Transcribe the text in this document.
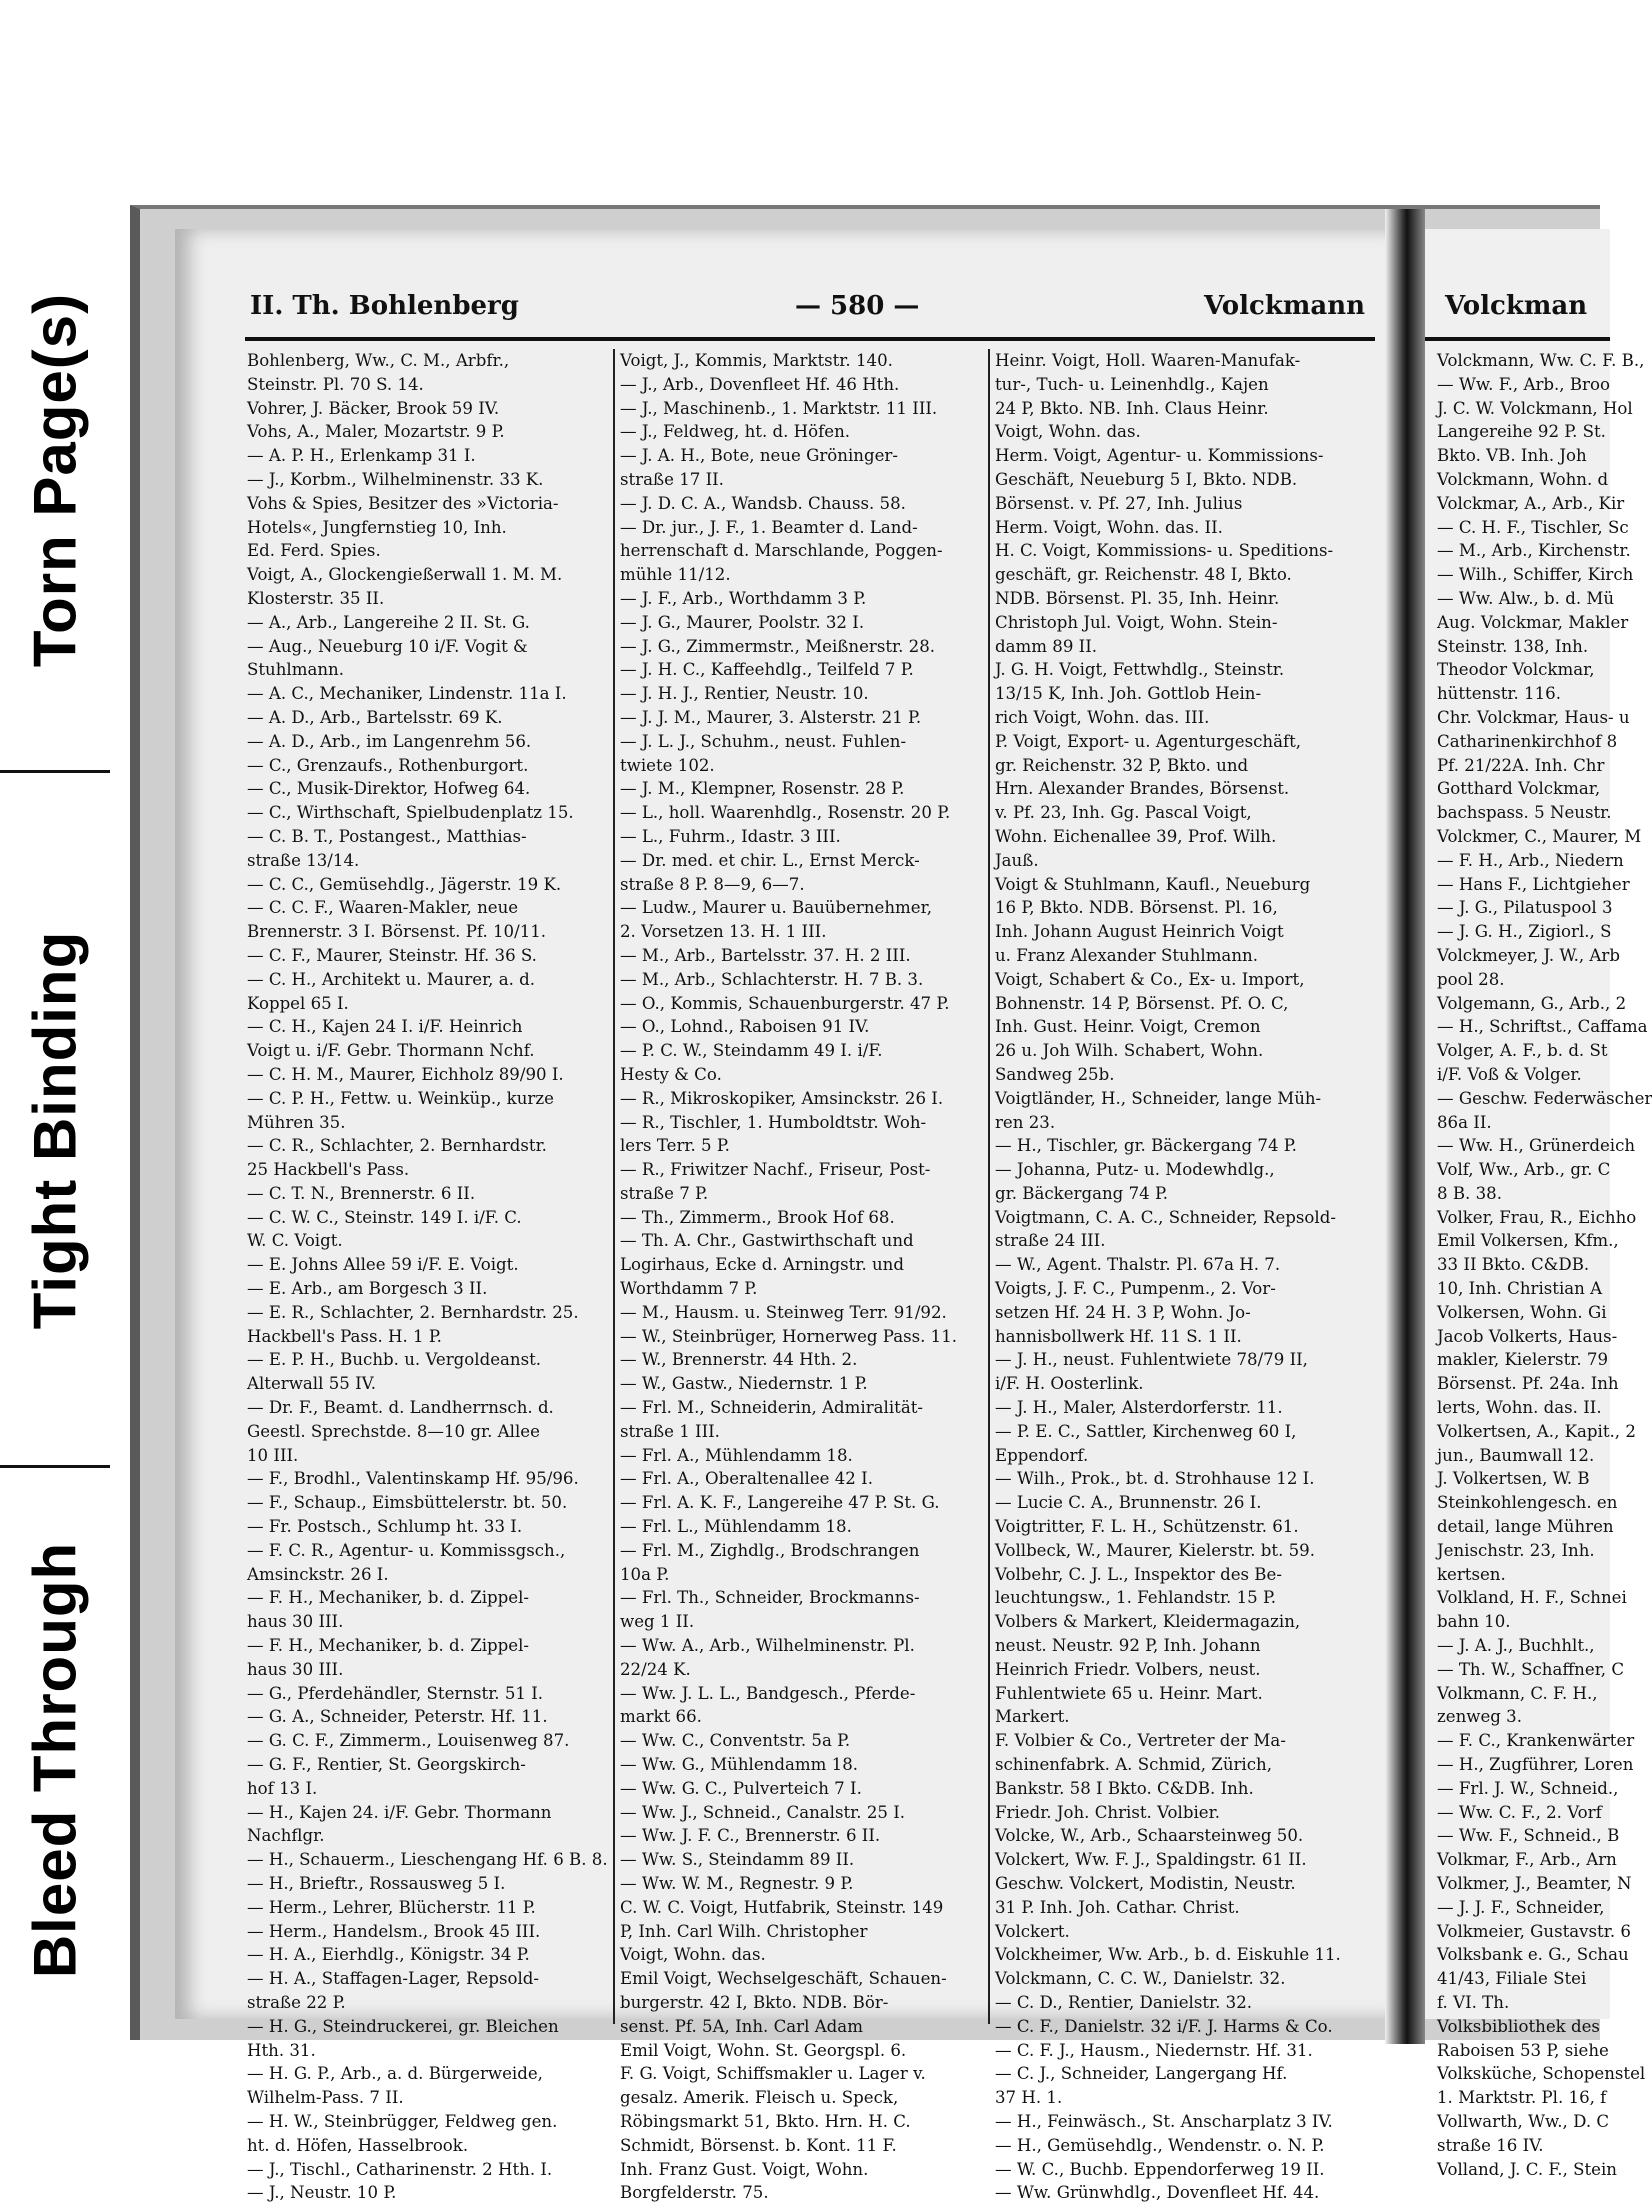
Torn Page(s)
Tight Binding
Bleed Through
II. Th. Bohlenberg	— 580 —	Volckmann
Bohlenberg, Ww., C. M., Arbfr.,
Steinstr. Pl. 70 S. 14.
Vohrer, J. Bäcker, Brook 59 IV.
Vohs, A., Maler, Mozartstr. 9 P.
— A. P. H., Erlenkamp 31 I.
— J., Korbm., Wilhelminenstr. 33 K.
Vohs & Spies, Besitzer des »Victoria-
Hotels«, Jungfernstieg 10, Inh.
Ed. Ferd. Spies.
Voigt, A., Glockengießerwall 1. M. M.
Klosterstr. 35 II.
— A., Arb., Langereihe 2 II. St. G.
— Aug., Neueburg 10 i/F. Vogit &
Stuhlmann.
— A. C., Mechaniker, Lindenstr. 11a I.
— A. D., Arb., Bartelsstr. 69 K.
— A. D., Arb., im Langenrehm 56.
— C., Grenzaufs., Rothenburgort.
— C., Musik-Direktor, Hofweg 64.
— C., Wirthschaft, Spielbudenplatz 15.
— C. B. T., Postangest., Matthias-
straße 13/14.
— C. C., Gemüsehdlg., Jägerstr. 19 K.
— C. C. F., Waaren-Makler, neue
Brennerstr. 3 I. Börsenst. Pf. 10/11.
— C. F., Maurer, Steinstr. Hf. 36 S.
— C. H., Architekt u. Maurer, a. d.
Koppel 65 I.
— C. H., Kajen 24 I. i/F. Heinrich
Voigt u. i/F. Gebr. Thormann Nchf.
— C. H. M., Maurer, Eichholz 89/90 I.
— C. P. H., Fettw. u. Weinküp., kurze
Mühren 35.
— C. R., Schlachter, 2. Bernhardstr.
25 Hackbell's Pass.
— C. T. N., Brennerstr. 6 II.
— C. W. C., Steinstr. 149 I. i/F. C.
W. C. Voigt.
— E. Johns Allee 59 i/F. E. Voigt.
— E. Arb., am Borgesch 3 II.
— E. R., Schlachter, 2. Bernhardstr. 25.
Hackbell's Pass. H. 1 P.
— E. P. H., Buchb. u. Vergoldeanst.
Alterwall 55 IV.
— Dr. F., Beamt. d. Landherrnsch. d.
Geestl. Sprechstde. 8—10 gr. Allee
10 III.
— F., Brodhl., Valentinskamp Hf. 95/96.
— F., Schaup., Eimsbüttelerstr. bt. 50.
— Fr. Postsch., Schlump ht. 33 I.
— F. C. R., Agentur- u. Kommissgsch.,
Amsinckstr. 26 I.
— F. H., Mechaniker, b. d. Zippel-
haus 30 III.
— F. H., Mechaniker, b. d. Zippel-
haus 30 III.
— G., Pferdehändler, Sternstr. 51 I.
— G. A., Schneider, Peterstr. Hf. 11.
— G. C. F., Zimmerm., Louisenweg 87.
— G. F., Rentier, St. Georgskirch-
hof 13 I.
— H., Kajen 24. i/F. Gebr. Thormann
Nachflgr.
— H., Schauerm., Lieschengang Hf. 6 B. 8.
— H., Brieftr., Rossausweg 5 I.
— Herm., Lehrer, Blücherstr. 11 P.
— Herm., Handelsm., Brook 45 III.
— H. A., Eierhdlg., Königstr. 34 P.
— H. A., Staffagen-Lager, Repsold-
straße 22 P.
— H. G., Steindruckerei, gr. Bleichen
Hth. 31.
— H. G. P., Arb., a. d. Bürgerweide,
Wilhelm-Pass. 7 II.
— H. W., Steinbrügger, Feldweg gen.
ht. d. Höfen, Hasselbrook.
— J., Tischl., Catharinenstr. 2 Hth. I.
— J., Neustr. 10 P.
Voigt, J., Kommis, Marktstr. 140.
— J., Arb., Dovenfleet Hf. 46 Hth.
— J., Maschinenb., 1. Marktstr. 11 III.
— J., Feldweg, ht. d. Höfen.
— J. A. H., Bote, neue Gröninger-
straße 17 II.
— J. D. C. A., Wandsb. Chauss. 58.
— Dr. jur., J. F., 1. Beamter d. Land-
herrenschaft d. Marschlande, Poggen-
mühle 11/12.
— J. F., Arb., Worthdamm 3 P.
— J. G., Maurer, Poolstr. 32 I.
— J. G., Zimmermstr., Meißnerstr. 28.
— J. H. C., Kaffeehdlg., Teilfeld 7 P.
— J. H. J., Rentier, Neustr. 10.
— J. J. M., Maurer, 3. Alsterstr. 21 P.
— J. L. J., Schuhm., neust. Fuhlen-
twiete 102.
— J. M., Klempner, Rosenstr. 28 P.
— L., holl. Waarenhdlg., Rosenstr. 20 P.
— L., Fuhrm., Idastr. 3 III.
— Dr. med. et chir. L., Ernst Merck-
straße 8 P. 8—9, 6—7.
— Ludw., Maurer u. Bauübernehmer,
2. Vorsetzen 13. H. 1 III.
— M., Arb., Bartelsstr. 37. H. 2 III.
— M., Arb., Schlachterstr. H. 7 B. 3.
— O., Kommis, Schauenburgerstr. 47 P.
— O., Lohnd., Raboisen 91 IV.
— P. C. W., Steindamm 49 I. i/F.
Hesty & Co.
— R., Mikroskopiker, Amsinckstr. 26 I.
— R., Tischler, 1. Humboldtstr. Woh-
lers Terr. 5 P.
— R., Friwitzer Nachf., Friseur, Post-
straße 7 P.
— Th., Zimmerm., Brook Hof 68.
— Th. A. Chr., Gastwirthschaft und
Logirhaus, Ecke d. Arningstr. und
Worthdamm 7 P.
— M., Hausm. u. Steinweg Terr. 91/92.
— W., Steinbrüger, Hornerweg Pass. 11.
— W., Brennerstr. 44 Hth. 2.
— W., Gastw., Niedernstr. 1 P.
— Frl. M., Schneiderin, Admiralität-
straße 1 III.
— Frl. A., Mühlendamm 18.
— Frl. A., Oberaltenallee 42 I.
— Frl. A. K. F., Langereihe 47 P. St. G.
— Frl. L., Mühlendamm 18.
— Frl. M., Zighdlg., Brodschrangen
10a P.
— Frl. Th., Schneider, Brockmanns-
weg 1 II.
— Ww. A., Arb., Wilhelminenstr. Pl.
22/24 K.
— Ww. J. L. L., Bandgesch., Pferde-
markt 66.
— Ww. C., Conventstr. 5a P.
— Ww. G., Mühlendamm 18.
— Ww. G. C., Pulverteich 7 I.
— Ww. J., Schneid., Canalstr. 25 I.
— Ww. J. F. C., Brennerstr. 6 II.
— Ww. S., Steindamm 89 II.
— Ww. W. M., Regnestr. 9 P.
C. W. C. Voigt, Hutfabrik, Steinstr. 149
P, Inh. Carl Wilh. Christopher
Voigt, Wohn. das.
Emil Voigt, Wechselgeschäft, Schauen-
burgerstr. 42 I, Bkto. NDB. Bör-
senst. Pf. 5A, Inh. Carl Adam
Emil Voigt, Wohn. St. Georgspl. 6.
F. G. Voigt, Schiffsmakler u. Lager v.
gesalz. Amerik. Fleisch u. Speck,
Röbingsmarkt 51, Bkto. Hrn. H. C.
Schmidt, Börsenst. b. Kont. 11 F.
Inh. Franz Gust. Voigt, Wohn.
Borgfelderstr. 75.
Heinr. Voigt, Holl. Waaren-Manufak-
tur-, Tuch- u. Leinenhdlg., Kajen
24 P, Bkto. NB. Inh. Claus Heinr.
Voigt, Wohn. das.
Herm. Voigt, Agentur- u. Kommissions-
Geschäft, Neueburg 5 I, Bkto. NDB.
Börsenst. v. Pf. 27, Inh. Julius
Herm. Voigt, Wohn. das. II.
H. C. Voigt, Kommissions- u. Speditions-
geschäft, gr. Reichenstr. 48 I, Bkto.
NDB. Börsenst. Pl. 35, Inh. Heinr.
Christoph Jul. Voigt, Wohn. Stein-
damm 89 II.
J. G. H. Voigt, Fettwhdlg., Steinstr.
13/15 K, Inh. Joh. Gottlob Hein-
rich Voigt, Wohn. das. III.
P. Voigt, Export- u. Agenturgeschäft,
gr. Reichenstr. 32 P, Bkto. und
Hrn. Alexander Brandes, Börsenst.
v. Pf. 23, Inh. Gg. Pascal Voigt,
Wohn. Eichenallee 39, Prof. Wilh.
Jauß.
Voigt & Stuhlmann, Kaufl., Neueburg
16 P, Bkto. NDB. Börsenst. Pl. 16,
Inh. Johann August Heinrich Voigt
u. Franz Alexander Stuhlmann.
Voigt, Schabert & Co., Ex- u. Import,
Bohnenstr. 14 P, Börsenst. Pf. O. C,
Inh. Gust. Heinr. Voigt, Cremon
26 u. Joh Wilh. Schabert, Wohn.
Sandweg 25b.
Voigtländer, H., Schneider, lange Müh-
ren 23.
— H., Tischler, gr. Bäckergang 74 P.
— Johanna, Putz- u. Modewhdlg.,
gr. Bäckergang 74 P.
Voigtmann, C. A. C., Schneider, Repsold-
straße 24 III.
— W., Agent. Thalstr. Pl. 67a H. 7.
Voigts, J. F. C., Pumpenm., 2. Vor-
setzen Hf. 24 H. 3 P, Wohn. Jo-
hannisbollwerk Hf. 11 S. 1 II.
— J. H., neust. Fuhlentwiete 78/79 II,
i/F. H. Oosterlink.
— J. H., Maler, Alsterdorferstr. 11.
— P. E. C., Sattler, Kirchenweg 60 I,
Eppendorf.
— Wilh., Prok., bt. d. Strohhause 12 I.
— Lucie C. A., Brunnenstr. 26 I.
Voigtritter, F. L. H., Schützenstr. 61.
Vollbeck, W., Maurer, Kielerstr. bt. 59.
Volbehr, C. J. L., Inspektor des Be-
leuchtungsw., 1. Fehlandstr. 15 P.
Volbers & Markert, Kleidermagazin,
neust. Neustr. 92 P, Inh. Johann
Heinrich Friedr. Volbers, neust.
Fuhlentwiete 65 u. Heinr. Mart.
Markert.
F. Volbier & Co., Vertreter der Ma-
schinenfabrk. A. Schmid, Zürich,
Bankstr. 58 I Bkto. C&DB. Inh.
Friedr. Joh. Christ. Volbier.
Volcke, W., Arb., Schaarsteinweg 50.
Volckert, Ww. F. J., Spaldingstr. 61 II.
Geschw. Volckert, Modistin, Neustr.
31 P. Inh. Joh. Cathar. Christ.
Volckert.
Volckheimer, Ww. Arb., b. d. Eiskuhle 11.
Volckmann, C. C. W., Danielstr. 32.
— C. D., Rentier, Danielstr. 32.
— C. F., Danielstr. 32 i/F. J. Harms & Co.
— C. F. J., Hausm., Niedernstr. Hf. 31.
— C. J., Schneider, Langergang Hf.
37 H. 1.
— H., Feinwäsch., St. Anscharplatz 3 IV.
— H., Gemüsehdlg., Wendenstr. o. N. P.
— W. C., Buchb. Eppendorferweg 19 II.
— Ww. Grünwhdlg., Dovenfleet Hf. 44.
Volckman
Volckmann, Ww. C. F. B.,
— Ww. F., Arb., Broo
J. C. W. Volckmann, Hol
Langereihe 92 P. St.
Bkto. VB. Inh. Joh
Volckmann, Wohn. d
Volckmar, A., Arb., Kir
— C. H. F., Tischler, Sc
— M., Arb., Kirchenstr.
— Wilh., Schiffer, Kirch
— Ww. Alw., b. d. Mü
Aug. Volckmar, Makler
Steinstr. 138, Inh.
Theodor Volckmar,
hüttenstr. 116.
Chr. Volckmar, Haus- u
Catharinenkirchhof 8
Pf. 21/22A. Inh. Chr
Gotthard Volckmar,
bachspass. 5 Neustr.
Volckmer, C., Maurer, M
— F. H., Arb., Niedern
— Hans F., Lichtgieher
— J. G., Pilatuspool 3
— J. G. H., Zigiorl., S
Volckmeyer, J. W., Arb
pool 28.
Volgemann, G., Arb., 2
— H., Schriftst., Caffama
Volger, A. F., b. d. St
i/F. Voß & Volger.
— Geschw. Federwäscher
86a II.
— Ww. H., Grünerdeich
Volf, Ww., Arb., gr. C
8 B. 38.
Volker, Frau, R., Eichho
Emil Volkersen, Kfm.,
33 II Bkto. C&DB.
10, Inh. Christian A
Volkersen, Wohn. Gi
Jacob Volkerts, Haus-
makler, Kielerstr. 79
Börsenst. Pf. 24a. Inh
lerts, Wohn. das. II.
Volkertsen, A., Kapit., 2
jun., Baumwall 12.
J. Volkertsen, W. B
Steinkohlengesch. en
detail, lange Mühren
Jenischstr. 23, Inh.
kertsen.
Volkland, H. F., Schnei
bahn 10.
— J. A. J., Buchhlt.,
— Th. W., Schaffner, C
Volkmann, C. F. H.,
zenweg 3.
— F. C., Krankenwärter
— H., Zugführer, Loren
— Frl. J. W., Schneid.,
— Ww. C. F., 2. Vorf
— Ww. F., Schneid., B
Volkmar, F., Arb., Arn
Volkmer, J., Beamter, N
— J. J. F., Schneider,
Volkmeier, Gustavstr. 6
Volksbank e. G., Schau
41/43, Filiale Stei
f. VI. Th.
Volksbibliothek des
Raboisen 53 P, siehe
Volksküche, Schopenstel
1. Marktstr. Pl. 16, f
Vollwarth, Ww., D. C
straße 16 IV.
Volland, J. C. F., Stein
